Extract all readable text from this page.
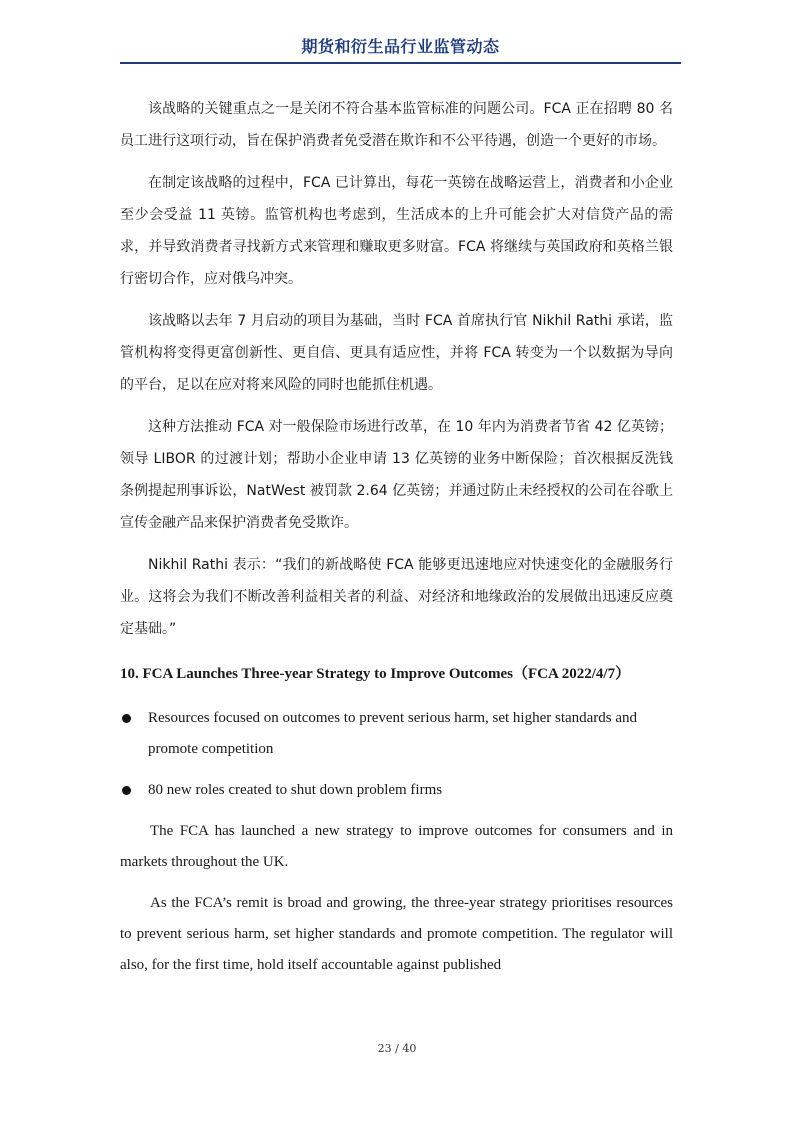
期货和衍生品行业监管动态

该战略的关键重点之一是关闭不符合基本监管标准的问题公司。FCA 正在招聘 80 名员工进行这项行动，旨在保护消费者免受潜在欺诈和不公平待遇，创造一个更好的市场。

在制定该战略的过程中，FCA 已计算出，每花一英镑在战略运营上，消费者和小企业至少会受益 11 英镑。监管机构也考虑到，生活成本的上升可能会扩大对信贷产品的需求，并导致消费者寻找新方式来管理和赚取更多财富。FCA 将继续与英国政府和英格兰银行密切合作，应对俄乌冲突。

该战略以去年 7 月启动的项目为基础，当时 FCA 首席执行官 Nikhil Rathi 承诺，监管机构将变得更富创新性、更自信、更具有适应性，并将 FCA 转变为一个以数据为导向的平台，足以在应对将来风险的同时也能抓住机遇。

这种方法推动 FCA 对一般保险市场进行改革，在 10 年内为消费者节省 42 亿英镑；领导 LIBOR 的过渡计划；帮助小企业申请 13 亿英镑的业务中断保险；首次根据反洗钱条例提起刑事诉讼，NatWest 被罚款 2.64 亿英镑；并通过防止未经授权的公司在谷歌上宣传金融产品来保护消费者免受欺诈。

Nikhil Rathi 表示：“我们的新战略使 FCA 能够更迅速地应对快速变化的金融服务行业。这将会为我们不断改善利益相关者的利益、对经济和地缘政治的发展做出迅速反应奠定基础。”

10. FCA Launches Three-year Strategy to Improve Outcomes（FCA 2022/4/7）
Resources focused on outcomes to prevent serious harm, set higher standards and promote competition
80 new roles created to shut down problem firms

The FCA has launched a new strategy to improve outcomes for consumers and in markets throughout the UK.

As the FCA’s remit is broad and growing, the three-year strategy prioritises resources to prevent serious harm, set higher standards and promote competition. The regulator will also, for the first time, hold itself accountable against published

23 / 40
